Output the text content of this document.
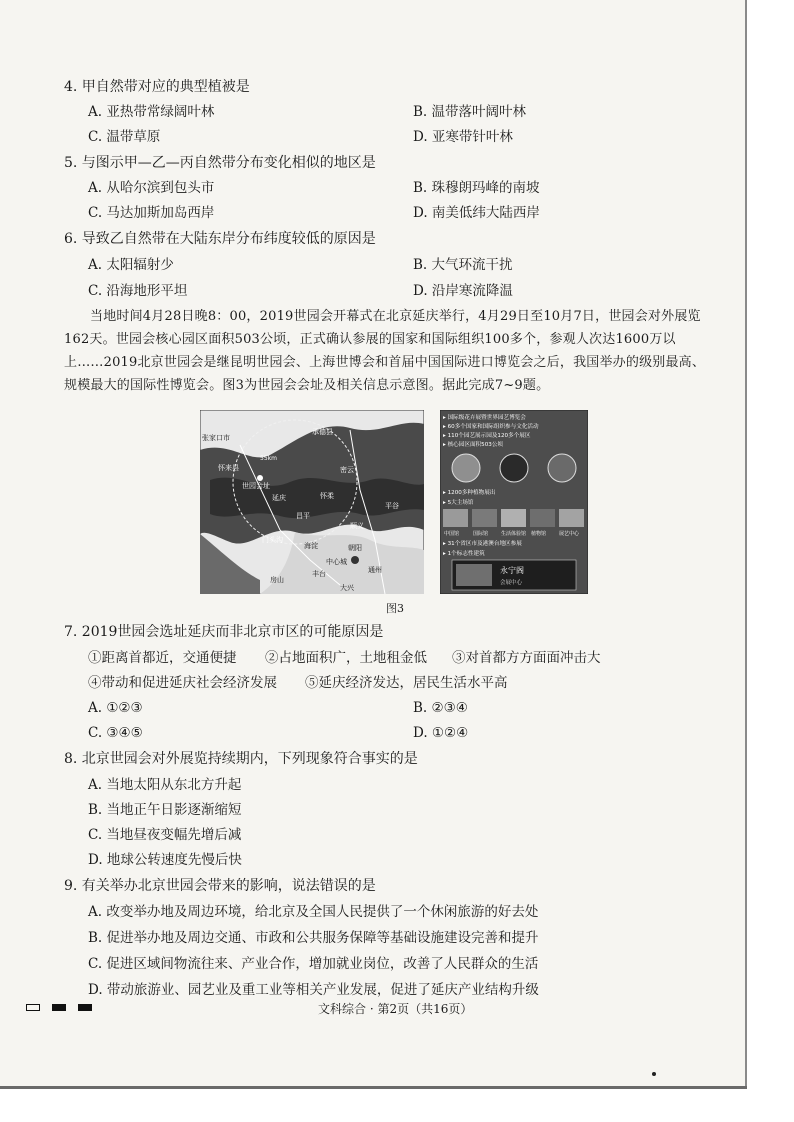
4. 甲自然带对应的典型植被是
A. 亚热带常绿阔叶林	B. 温带落叶阔叶林
C. 温带草原	D. 亚寒带针叶林
5. 与图示甲—乙—丙自然带分布变化相似的地区是
A. 从哈尔滨到包头市	B. 珠穆朗玛峰的南坡
C. 马达加斯加岛西岸	D. 南美低纬大陆西岸
6. 导致乙自然带在大陆东岸分布纬度较低的原因是
A. 太阳辐射少	B. 大气环流干扰
C. 沿海地形平坦	D. 沿岸寒流降温
当地时间4月28日晚8：00，2019世园会开幕式在北京延庆举行，4月29日至10月7日，世园会对外展览162天。世园会核心园区面积503公顷，正式确认参展的国家和国际组织100多个，参观人次达1600万以上……2019北京世园会是继昆明世园会、上海世博会和首届中国国际进口博览会之后，我国举办的级别最高、规模最大的国际性博览会。图3为世园会会址及相关信息示意图。据此完成7~9题。
张家口市
承德县
55km
怀来县
世园会址
延庆
密云
怀柔
昌平
平谷
顺义
门头沟
海淀	朝阳
中心城
通州
丰台
房山
大兴
▸ 国际级花卉展暨世界园艺博览会
▸ 60多个国家和国际组织参与文化活动
▸ 110个园艺展示园及120多个展区
▸ 核心园区面积503公顷
▸ 1200多种植物展出
▸ 5大主场馆
中国馆	国际馆	生活体验馆 植物馆	展艺中心
▸ 31个省区市及港澳台地区参展
▸ 1个标志性建筑
永宁阁
会展中心
图3
7. 2019世园会选址延庆而非北京市区的可能原因是
①距离首都近，交通便捷 ②占地面积广，土地租金低 ③对首都方方面面冲击大
④带动和促进延庆社会经济发展 ⑤延庆经济发达，居民生活水平高
A. ①②③	B. ②③④
C. ③④⑤	D. ①②④
8. 北京世园会对外展览持续期内，下列现象符合事实的是
A. 当地太阳从东北方升起
B. 当地正午日影逐渐缩短
C. 当地昼夜变幅先增后减
D. 地球公转速度先慢后快
9. 有关举办北京世园会带来的影响，说法错误的是
A. 改变举办地及周边环境，给北京及全国人民提供了一个休闲旅游的好去处
B. 促进举办地及周边交通、市政和公共服务保障等基础设施建设完善和提升
C. 促进区域间物流往来、产业合作，增加就业岗位，改善了人民群众的生活
D. 带动旅游业、园艺业及重工业等相关产业发展，促进了延庆产业结构升级
文科综合 · 第2页（共16页）
